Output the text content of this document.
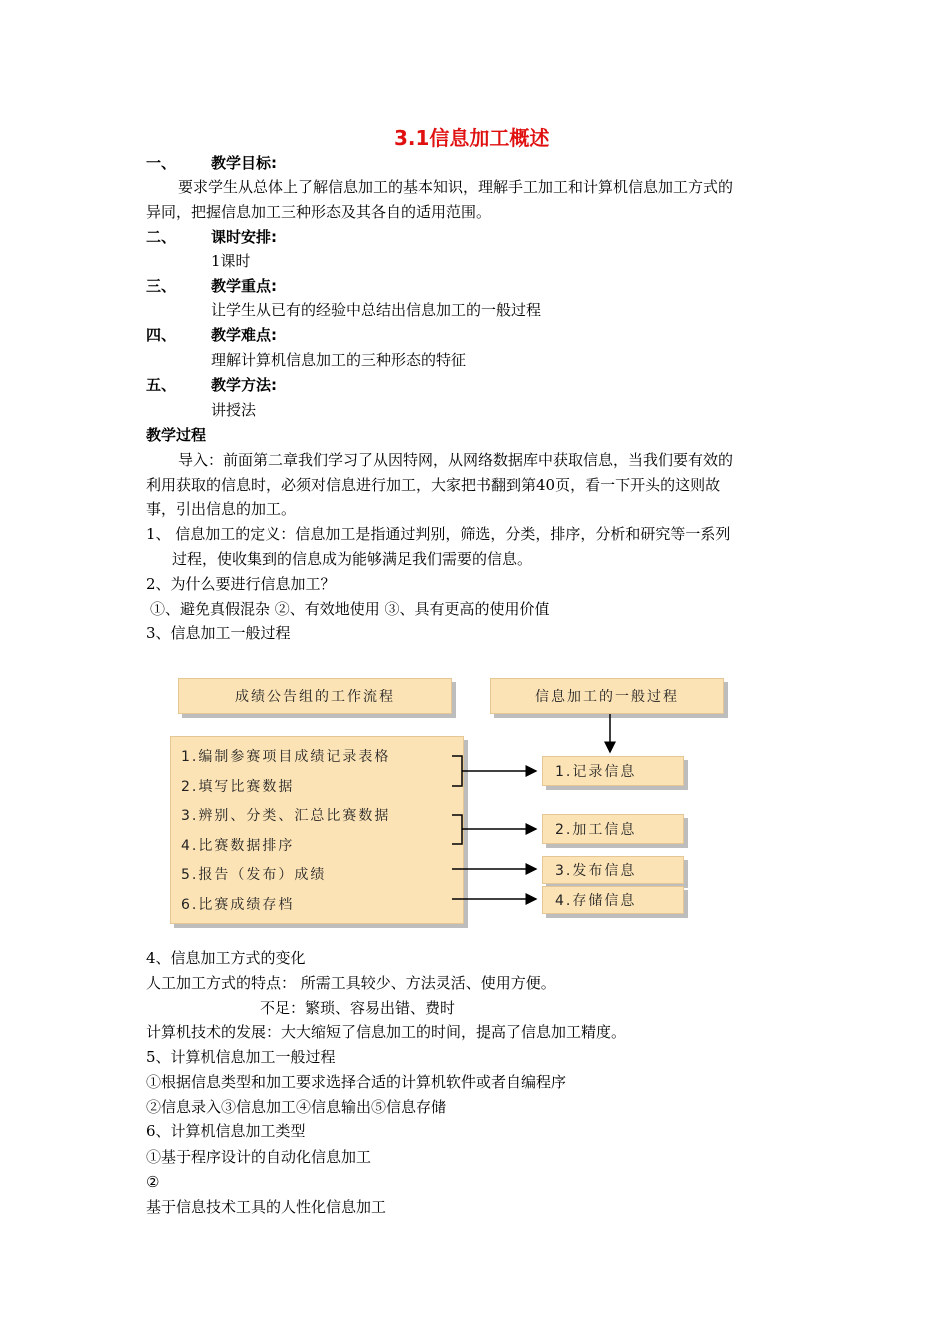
3.1信息加工概述
一、	教学目标:
要求学生从总体上了解信息加工的基本知识，理解手工加工和计算机信息加工方式的
异同，把握信息加工三种形态及其各自的适用范围。
二、	课时安排:
1课时
三、	教学重点:
让学生从已有的经验中总结出信息加工的一般过程
四、	教学难点:
理解计算机信息加工的三种形态的特征
五、	教学方法:
讲授法
教学过程
导入：前面第二章我们学习了从因特网，从网络数据库中获取信息，当我们要有效的
利用获取的信息时，必须对信息进行加工，大家把书翻到第40页，看一下开头的这则故
事，引出信息的加工。
1、 信息加工的定义：信息加工是指通过判别，筛选，分类，排序，分析和研究等一系列
过程，使收集到的信息成为能够满足我们需要的信息。
2、为什么要进行信息加工？
①、避免真假混杂 ②、有效地使用 ③、具有更高的使用价值
3、信息加工一般过程
成绩公告组的工作流程	信息加工的一般过程
1.编制参赛项目成绩记录表格
2.填写比赛数据
3.辨别、分类、汇总比赛数据
4.比赛数据排序
5.报告（发布）成绩
6.比赛成绩存档
1.记录信息
2.加工信息
3.发布信息
4.存储信息
4、信息加工方式的变化
人工加工方式的特点： 所需工具较少、方法灵活、使用方便。
不足：繁琐、容易出错、费时
计算机技术的发展：大大缩短了信息加工的时间，提高了信息加工精度。
5、计算机信息加工一般过程
①根据信息类型和加工要求选择合适的计算机软件或者自编程序
②信息录入③信息加工④信息输出⑤信息存储
6、计算机信息加工类型
①基于程序设计的自动化信息加工
②
基于信息技术工具的人性化信息加工
